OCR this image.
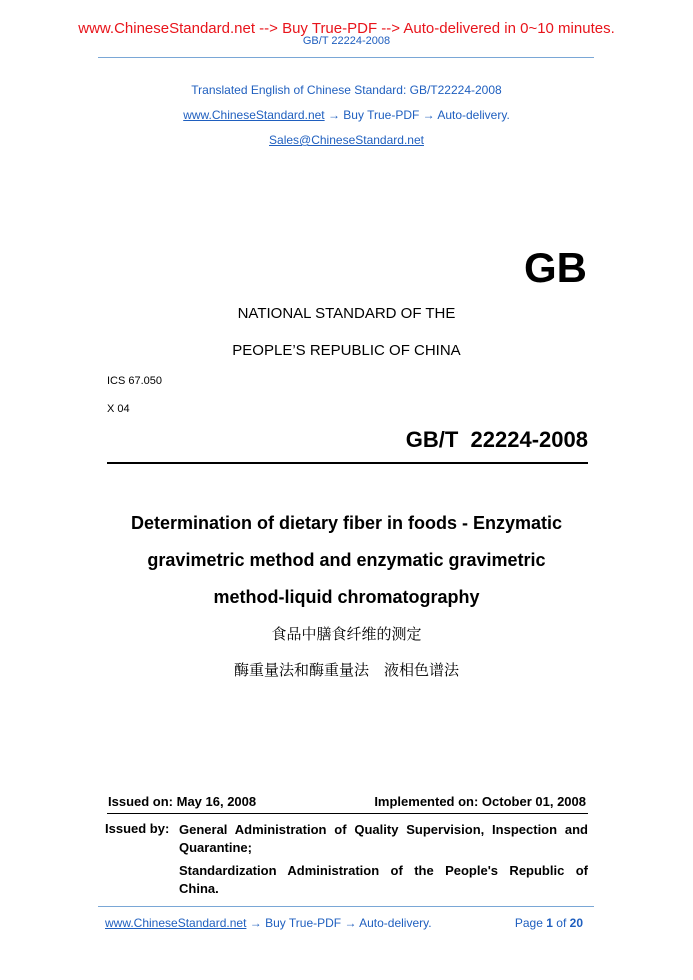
www.ChineseStandard.net --> Buy True-PDF --> Auto-delivered in 0~10 minutes.
GB/T 22224-2008
Translated English of Chinese Standard: GB/T22224-2008
www.ChineseStandard.net → Buy True-PDF → Auto-delivery.
Sales@ChineseStandard.net
GB
NATIONAL STANDARD OF THE
PEOPLE’S REPUBLIC OF CHINA
ICS 67.050
X 04
GB/T  22224-2008
Determination of dietary fiber in foods - Enzymatic
gravimetric method and enzymatic gravimetric
method-liquid chromatography
食品中膳食纤维的测定
酶重量法和酶重量法　液相色谱法
Issued on: May 16, 2008	Implemented on: October 01, 2008
Issued by: General Administration of Quality Supervision, Inspection and
Quarantine;
Standardization Administration of the People's Republic of
China.
www.ChineseStandard.net → Buy True-PDF → Auto-delivery.	Page 1 of 20
